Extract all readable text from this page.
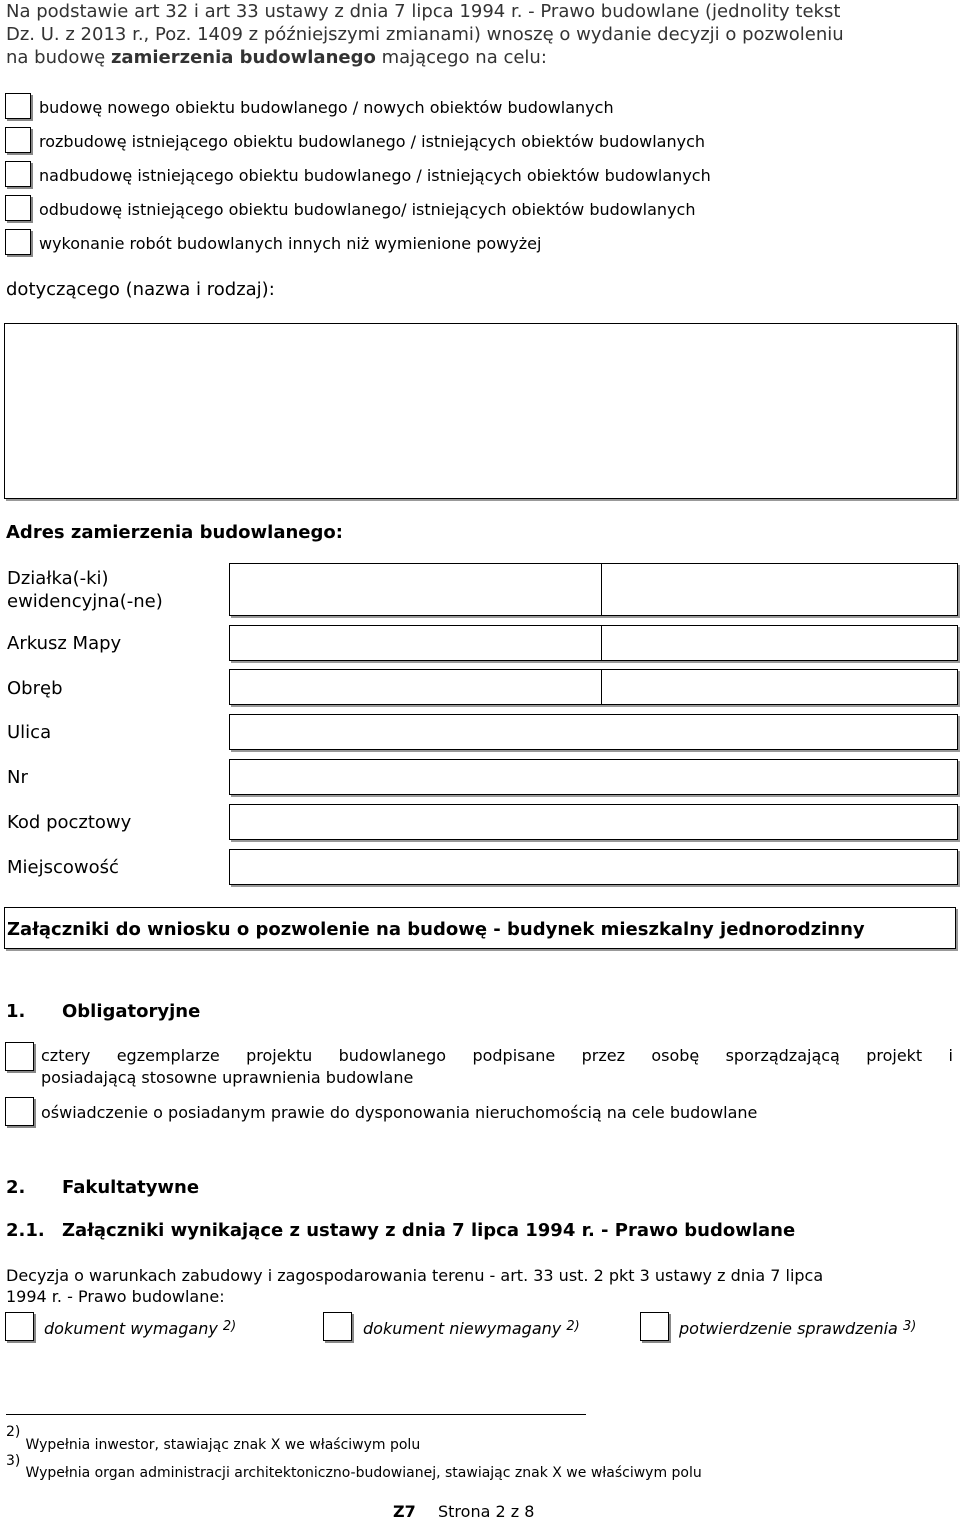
Na podstawie art 32 i art 33 ustawy z dnia 7 lipca 1994 r. - Prawo budowlane (jednolity tekst
Dz. U. z 2013 r., Poz. 1409 z późniejszymi zmianami) wnoszę o wydanie decyzji o pozwoleniu
na budowę zamierzenia budowlanego mającego na celu:
budowę nowego obiektu budowlanego / nowych obiektów budowlanych
rozbudowę istniejącego obiektu budowlanego / istniejących obiektów budowlanych
nadbudowę istniejącego obiektu budowlanego / istniejących obiektów budowlanych
odbudowę istniejącego obiektu budowlanego/ istniejących obiektów budowlanych
wykonanie robót budowlanych innych niż wymienione powyżej
dotyczącego (nazwa i rodzaj):
Adres zamierzenia budowlanego:
Działka(-ki)
ewidencyjna(-ne)
Arkusz Mapy
Obręb
Ulica
Nr
Kod pocztowy
Miejscowość
Załączniki do wniosku o pozwolenie na budowę - budynek mieszkalny jednorodzinny
1. Obligatoryjne
cztery egzemplarze projektu budowlanego podpisane przez osobę sporządzającą projekt i
posiadającą stosowne uprawnienia budowlane
oświadczenie o posiadanym prawie do dysponowania nieruchomością na cele budowlane
2. Fakultatywne
2.1. Załączniki wynikające z ustawy z dnia 7 lipca 1994 r. - Prawo budowlane
Decyzja o warunkach zabudowy i zagospodarowania terenu - art. 33 ust. 2 pkt 3 ustawy z dnia 7 lipca
1994 r. - Prawo budowlane:
dokument wymagany $^{2)}$	dokument niewymagany $^{2)}$	potwierdzenie sprawdzenia $^{3)}$
2) Wypełnia inwestor, stawiając znak X we właściwym polu
3) Wypełnia organ administracji architektoniczno-budowianej, stawiając znak X we właściwym polu
Z7 Strona 2 z 8
